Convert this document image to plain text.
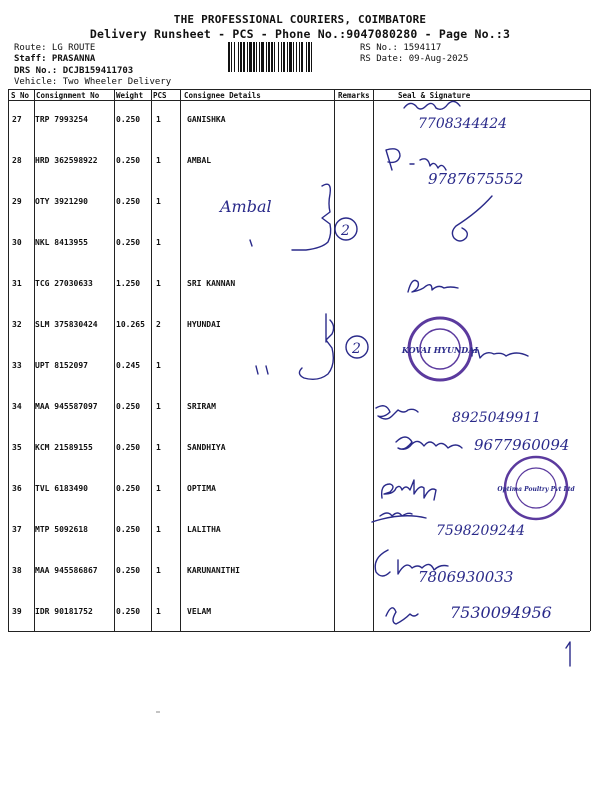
THE PROFESSIONAL COURIERS, COIMBATORE
Delivery Runsheet - PCS - Phone No.:9047080280 - Page No.:3
Route: LG ROUTE
Staff: PRASANNA
DRS No.: DCJB159411703
Vehicle: Two Wheeler Delivery
RS No.: 1594117
RS Date: 09-Aug-2025
S No Consignment No Weight PCS Consignee Details	Remarks	Seal & Signature
27 TRP 7993254	0.250 1	GANISHKA
28 HRD 362598922 0.250 1	AMBAL
29 OTY 3921290	0.250 1
30 NKL 8413955	0.250 1
31 TCG 27030633	1.250 1	SRI KANNAN
32 SLM 375830424 10.265 2	HYUNDAI
33 UPT 8152097	0.245 1
34 MAA 945587097 0.250 1	SRIRAM
35 KCM 21589155	0.250 1	SANDHIYA
36 TVL 6183490	0.250 1	OPTIMA
37 MTP 5092618	0.250 1	LALITHA
38 MAA 945586867 0.250 1	KARUNANITHI
39 IDR 90181752	0.250 1	VELAM
7708344424
9787675552
Ambal
2
2	KOVAI HYUNDAI
8925049911
9677960094
Optima Poultry Pvt Ltd
7598209244
7806930033
7530094956
